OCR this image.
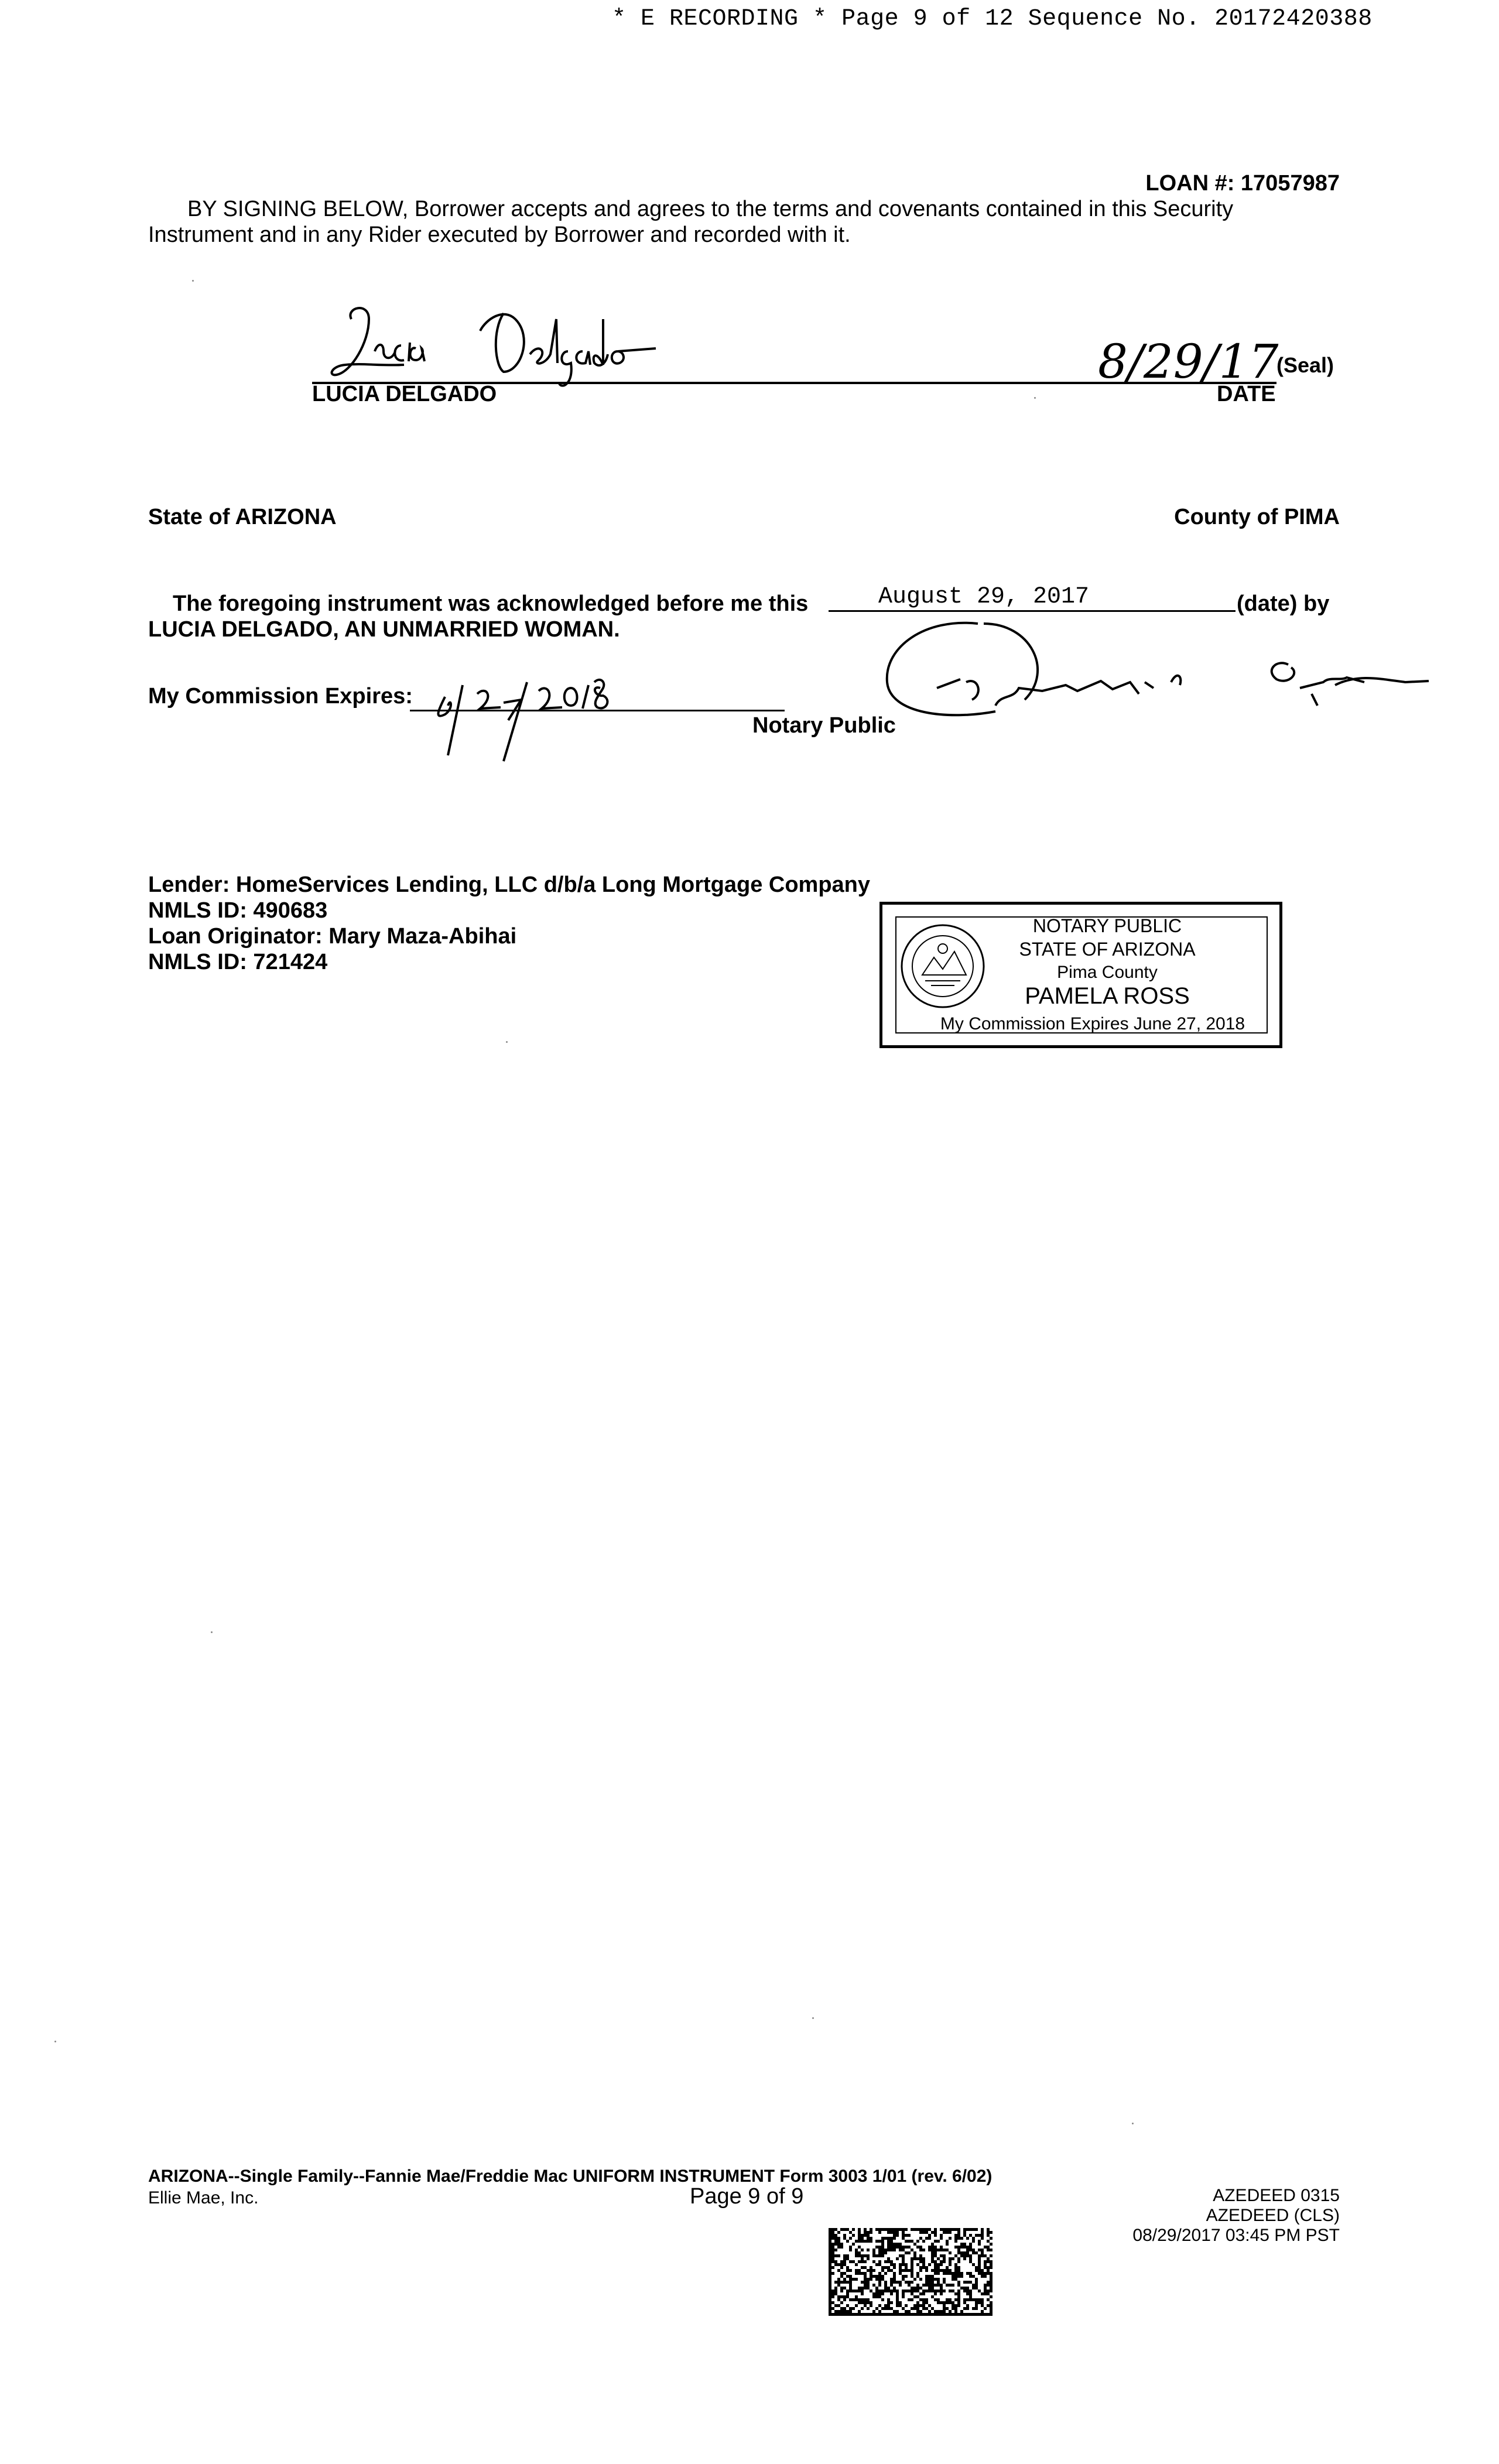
* E RECORDING * Page 9 of 12 Sequence No. 20172420388
LOAN #: 17057987
BY SIGNING BELOW, Borrower accepts and agrees to the terms and covenants contained in this Security
Instrument and in any Rider executed by Borrower and recorded with it.
LUCIA DELGADO
8/29/17
(Seal)
DATE
State of ARIZONA	County of PIMA
The foregoing instrument was acknowledged before me this	August 29, 2017	(date) by
LUCIA DELGADO, AN UNMARRIED WOMAN.
My Commission Expires:
Notary Public
Lender: HomeServices Lending, LLC d/b/a Long Mortgage Company
NMLS ID: 490683
Loan Originator: Mary Maza-Abihai
NMLS ID: 721424
NOTARY PUBLIC
STATE OF ARIZONA
Pima County
PAMELA ROSS
My Commission Expires June 27, 2018
ARIZONA--Single Family--Fannie Mae/Freddie Mac UNIFORM INSTRUMENT Form 3003 1/01 (rev. 6/02)
Ellie Mae, Inc.	Page 9 of 9	AZEDEED 0315
AZEDEED (CLS)
08/29/2017 03:45 PM PST
